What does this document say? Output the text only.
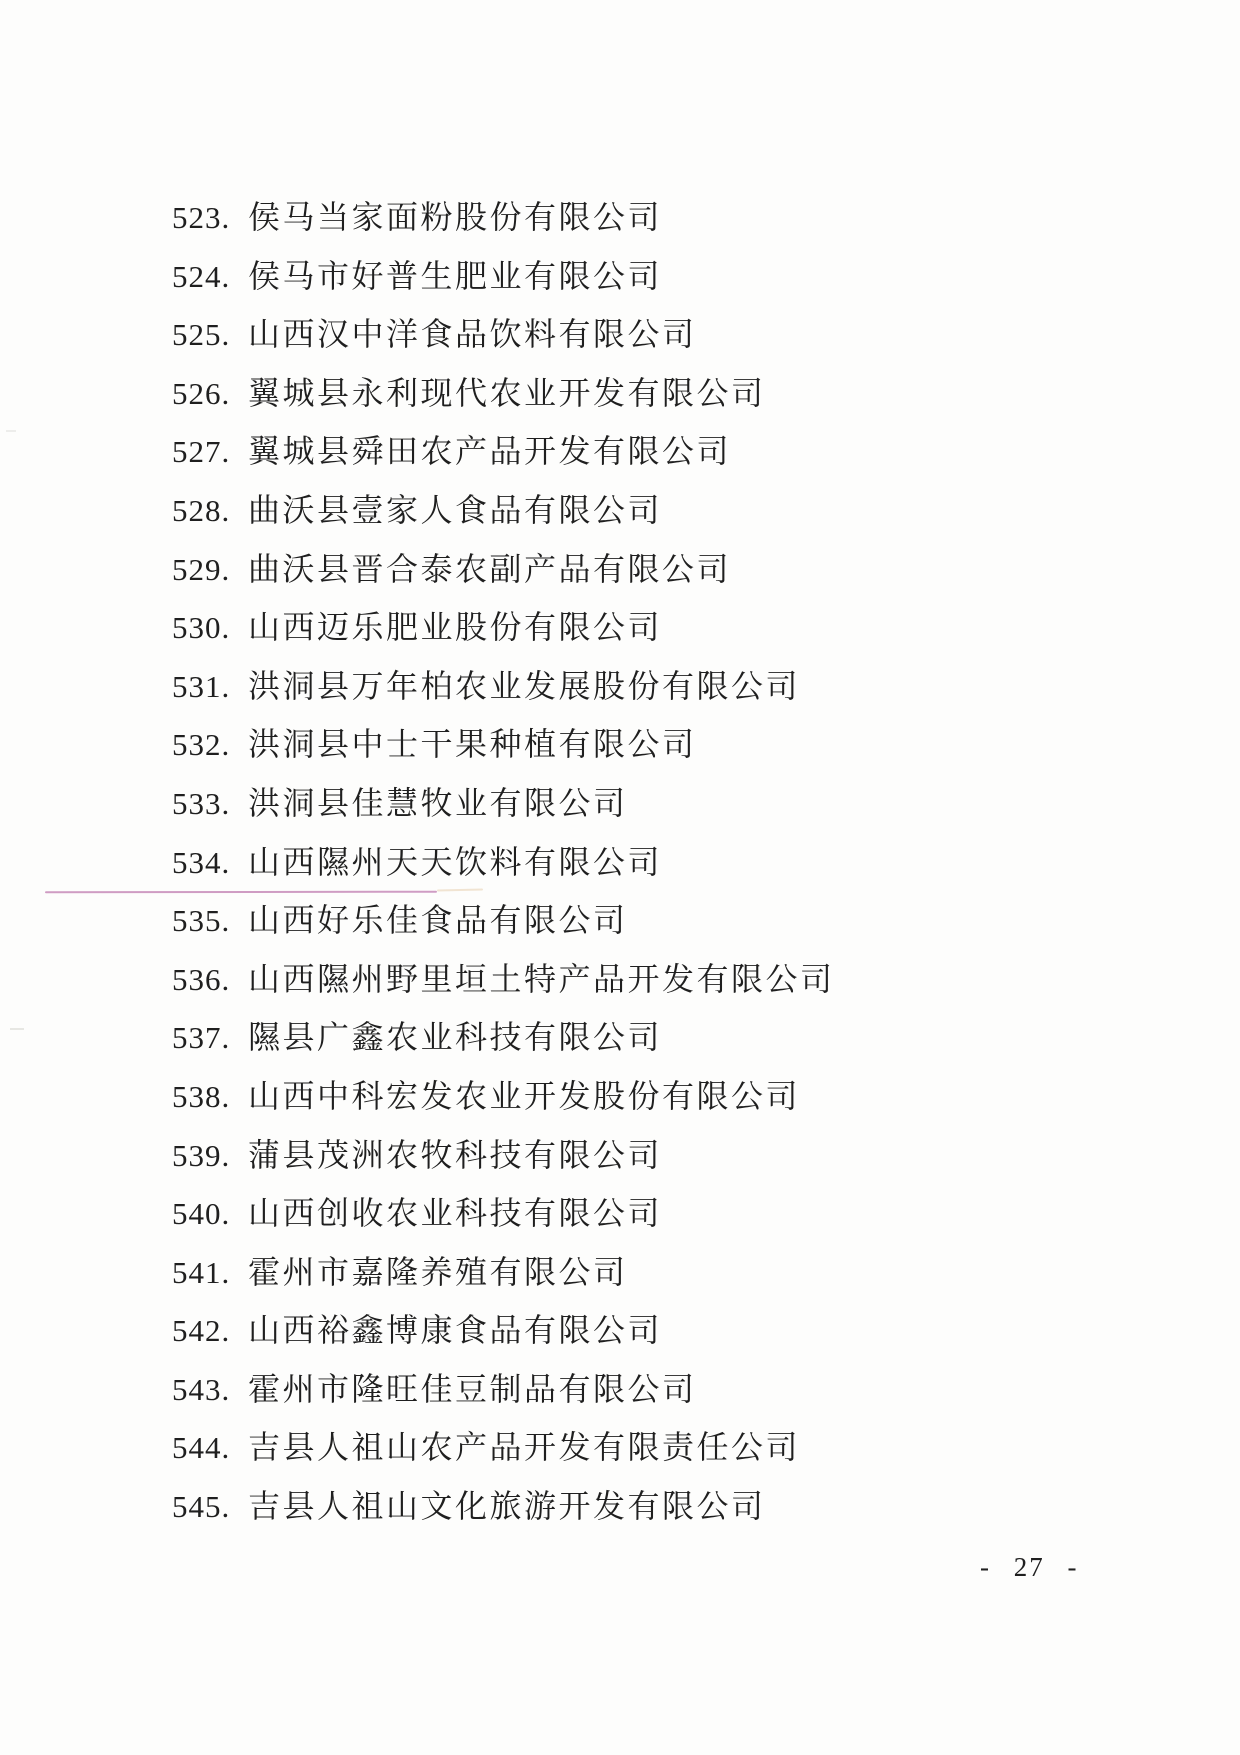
523. 侯马当家面粉股份有限公司
524. 侯马市好普生肥业有限公司
525. 山西汉中洋食品饮料有限公司
526. 翼城县永利现代农业开发有限公司
527. 翼城县舜田农产品开发有限公司
528. 曲沃县壹家人食品有限公司
529. 曲沃县晋合泰农副产品有限公司
530. 山西迈乐肥业股份有限公司
531. 洪洞县万年柏农业发展股份有限公司
532. 洪洞县中士干果种植有限公司
533. 洪洞县佳慧牧业有限公司
534. 山西隰州天天饮料有限公司
535. 山西好乐佳食品有限公司
536. 山西隰州野里垣土特产品开发有限公司
537. 隰县广鑫农业科技有限公司
538. 山西中科宏发农业开发股份有限公司
539. 蒲县茂洲农牧科技有限公司
540. 山西创收农业科技有限公司
541. 霍州市嘉隆养殖有限公司
542. 山西裕鑫博康食品有限公司
543. 霍州市隆旺佳豆制品有限公司
544. 吉县人祖山农产品开发有限责任公司
545. 吉县人祖山文化旅游开发有限公司
- 27 -
